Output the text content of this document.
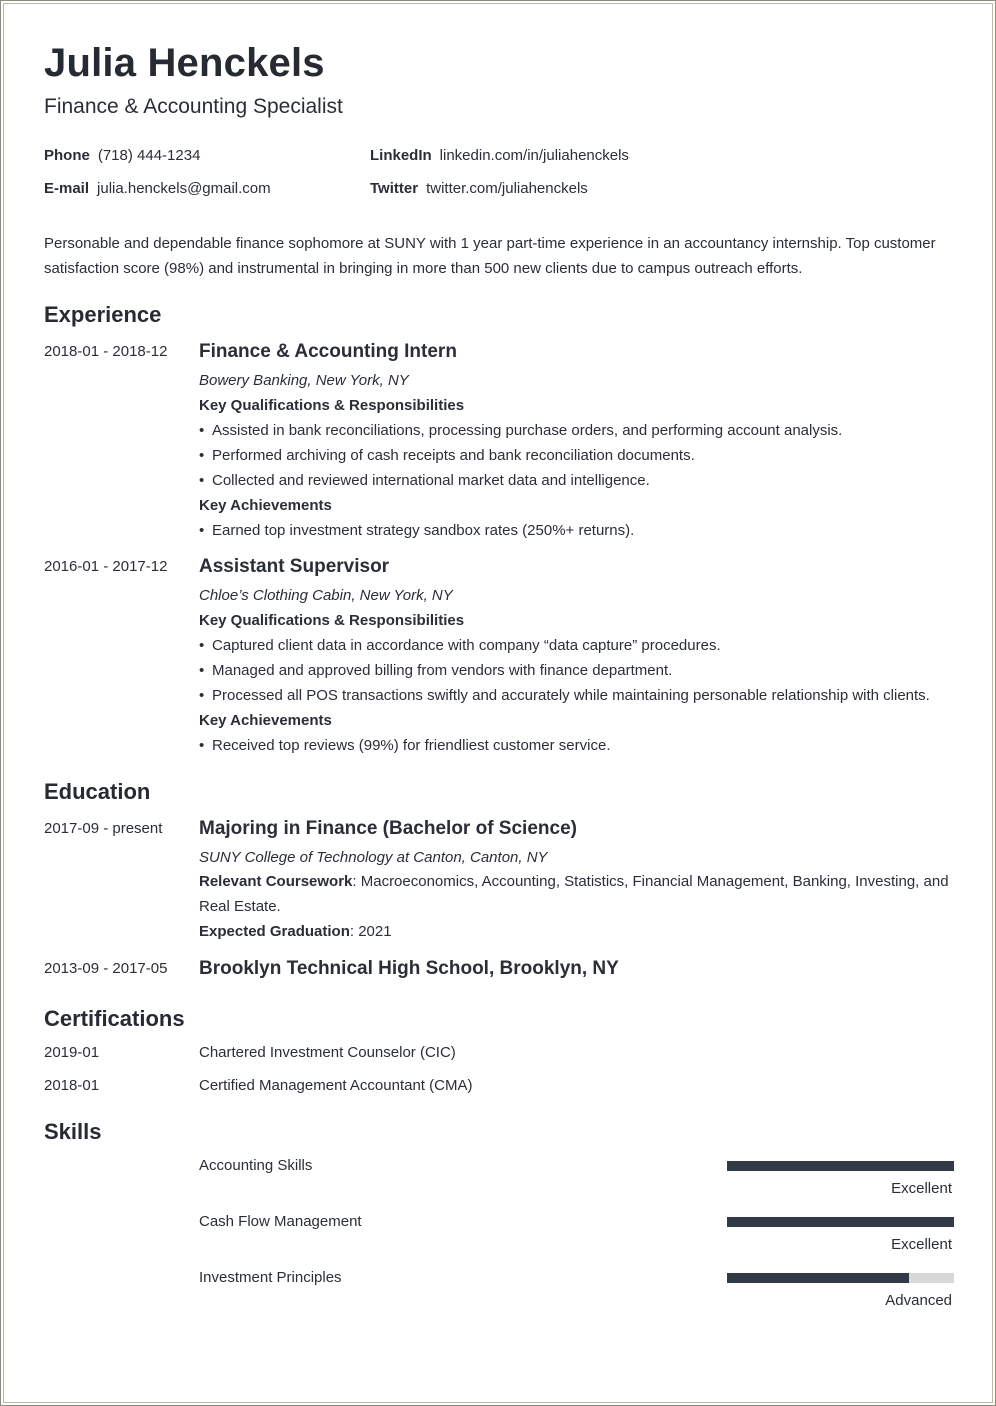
Julia Henckels
Finance & Accounting Specialist
Phone (718) 444-1234
E-mail julia.henckels@gmail.com
LinkedIn linkedin.com/in/juliahenckels
Twitter twitter.com/juliahenckels
Personable and dependable finance sophomore at SUNY with 1 year part-time experience in an accountancy internship. Top customer satisfaction score (98%) and instrumental in bringing in more than 500 new clients due to campus outreach efforts.
Experience
2018-01 - 2018-12 Finance & Accounting Intern
Bowery Banking, New York, NY
Key Qualifications & Responsibilities
• Assisted in bank reconciliations, processing purchase orders, and performing account analysis.
• Performed archiving of cash receipts and bank reconciliation documents.
• Collected and reviewed international market data and intelligence.
Key Achievements
• Earned top investment strategy sandbox rates (250%+ returns).
2016-01 - 2017-12 Assistant Supervisor
Chloe’s Clothing Cabin, New York, NY
Key Qualifications & Responsibilities
• Captured client data in accordance with company “data capture” procedures.
• Managed and approved billing from vendors with finance department.
• Processed all POS transactions swiftly and accurately while maintaining personable relationship with clients.
Key Achievements
• Received top reviews (99%) for friendliest customer service.
Education
2017-09 - present Majoring in Finance (Bachelor of Science)
SUNY College of Technology at Canton, Canton, NY
Relevant Coursework: Macroeconomics, Accounting, Statistics, Financial Management, Banking, Investing, and
Real Estate.
Expected Graduation: 2021
2013-09 - 2017-05 Brooklyn Technical High School, Brooklyn, NY
Certifications
2019-01	Chartered Investment Counselor (CIC)
2018-01	Certified Management Accountant (CMA)
Skills
Accounting Skills
Excellent
Cash Flow Management
Excellent
Investment Principles
Advanced
